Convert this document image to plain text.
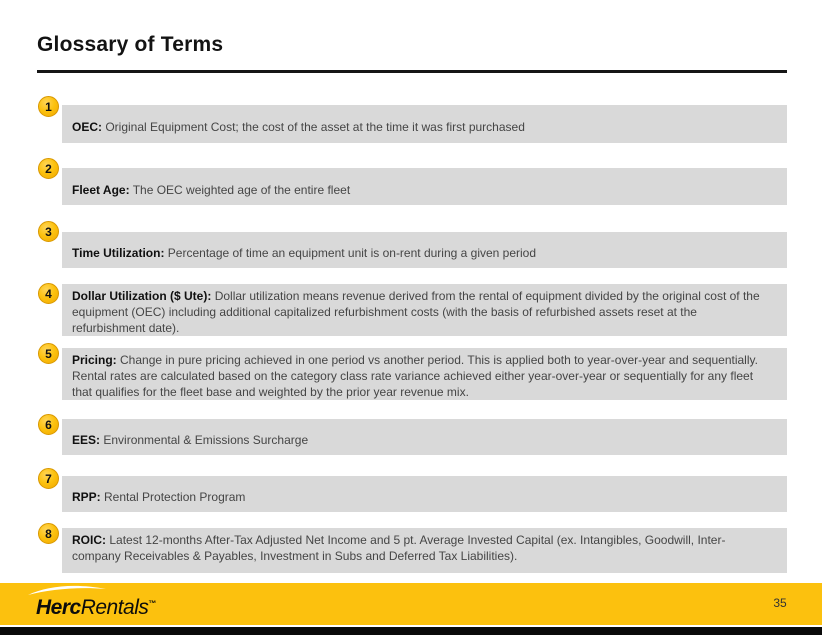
Glossary of Terms
1
OEC: Original Equipment Cost; the cost of the asset at the time it was first purchased
2
Fleet Age: The OEC weighted age of the entire fleet
3
Time Utilization: Percentage of time an equipment unit is on-rent during a given period
4	Dollar Utilization ($ Ute): Dollar utilization means revenue derived from the rental of equipment divided by the original cost of the equipment (OEC) including additional capitalized refurbishment costs (with the basis of refurbished assets reset at the refurbishment date).
5	Pricing: Change in pure pricing achieved in one period vs another period. This is applied both to year-over-year and sequentially. Rental rates are calculated based on the category class rate variance achieved either year-over-year or sequentially for any fleet that qualifies for the fleet base and weighted by the prior year revenue mix.
6
EES: Environmental & Emissions Surcharge
7
RPP: Rental Protection Program
8	ROIC: Latest 12-months After-Tax Adjusted Net Income and 5 pt. Average Invested Capital (ex. Intangibles, Goodwill, Inter-company Receivables & Payables, Investment in Subs and Deferred Tax Liabilities).
HercRentals™	35
